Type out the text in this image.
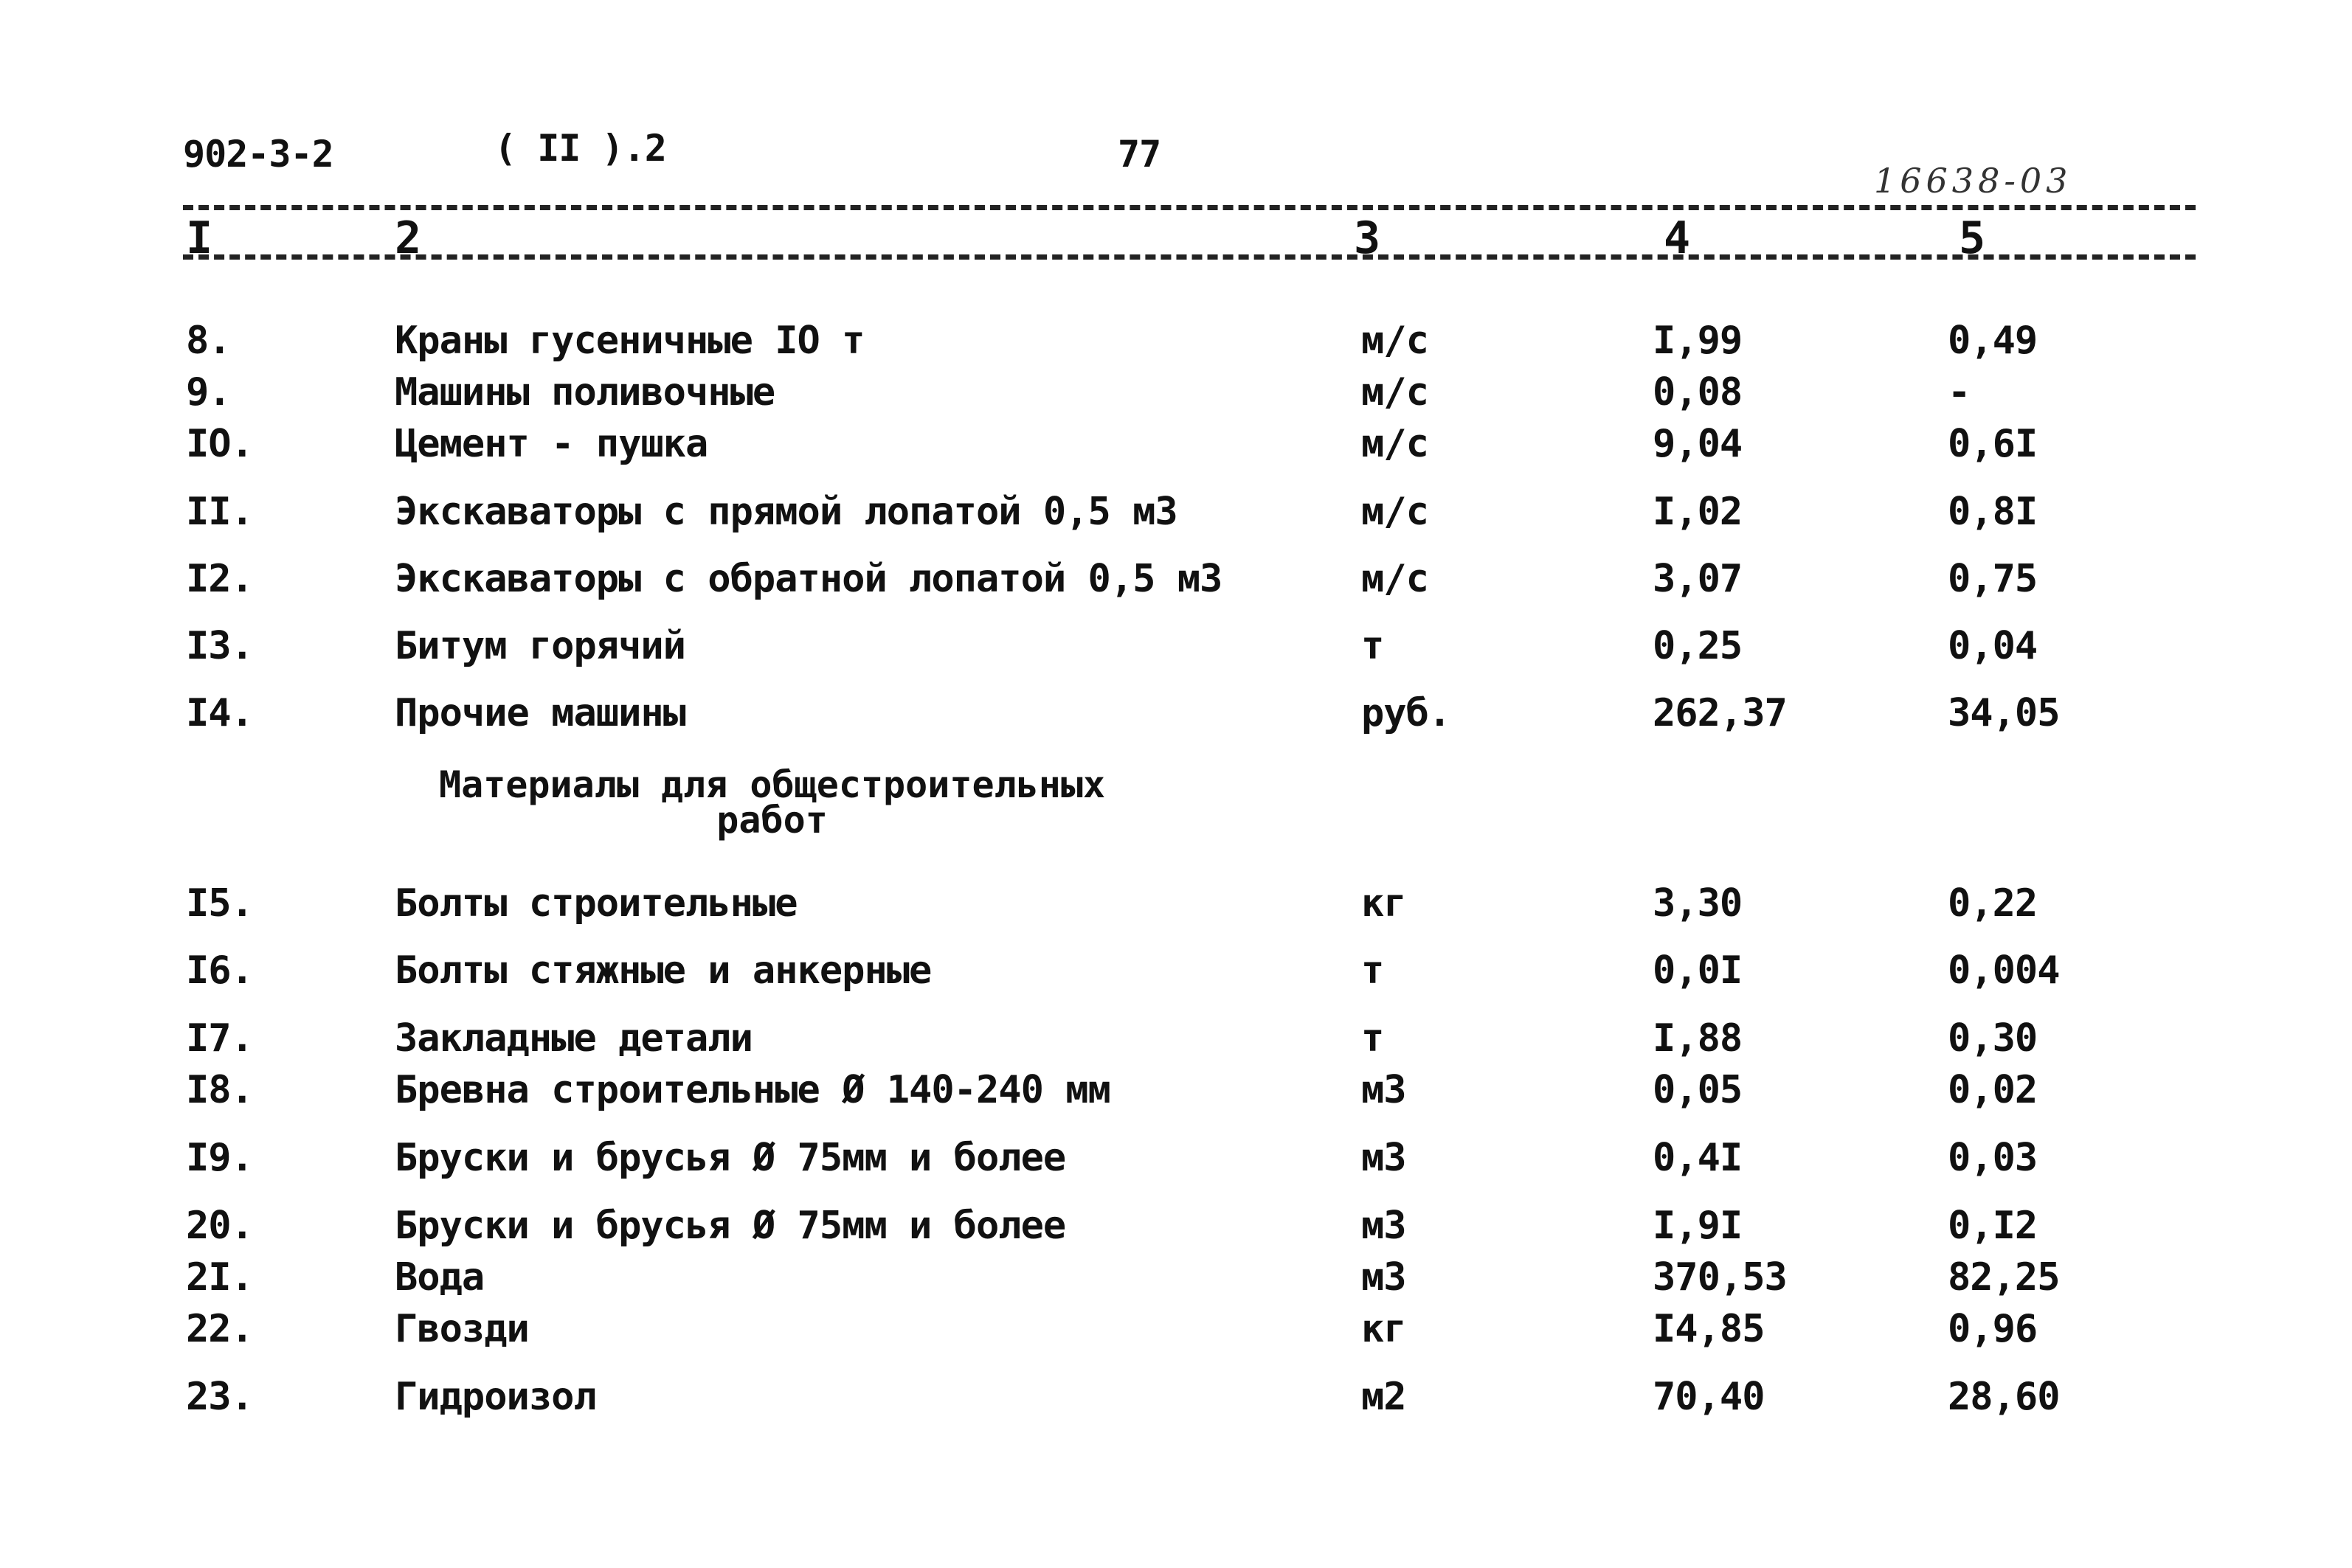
902-3-2	( II ).2	77
16638-03
I	2	3	4	5
8.	Краны гусеничные IO т	м/с	I,99	0,49
9.	Машины поливочные	м/с	0,08	-
IO.	Цемент - пушка	м/с	9,04	0,6I
II.	Экскаваторы с прямой лопатой 0,5 м3	м/с	I,02	0,8I
I2.	Экскаваторы с обратной лопатой 0,5 м3	м/с	3,07	0,75
I3.	Битум горячий	т	0,25	0,04
I4.	Прочие машины	руб.	262,37	34,05
Материалы для общестроительных
работ
I5.	Болты строительные	кг	3,30	0,22
I6.	Болты стяжные и анкерные	т	0,0I	0,004
I7.	Закладные детали	т	I,88	0,30
I8.	Бревна строительные Ø 140-240 мм	м3	0,05	0,02
I9.	Бруски и брусья Ø 75мм и более	м3	0,4I	0,03
20.	Бруски и брусья Ø 75мм и более	м3	I,9I	0,I2
2I.	Вода	м3	370,53	82,25
22.	Гвозди	кг	I4,85	0,96
23.	Гидроизол	м2	70,40	28,60
